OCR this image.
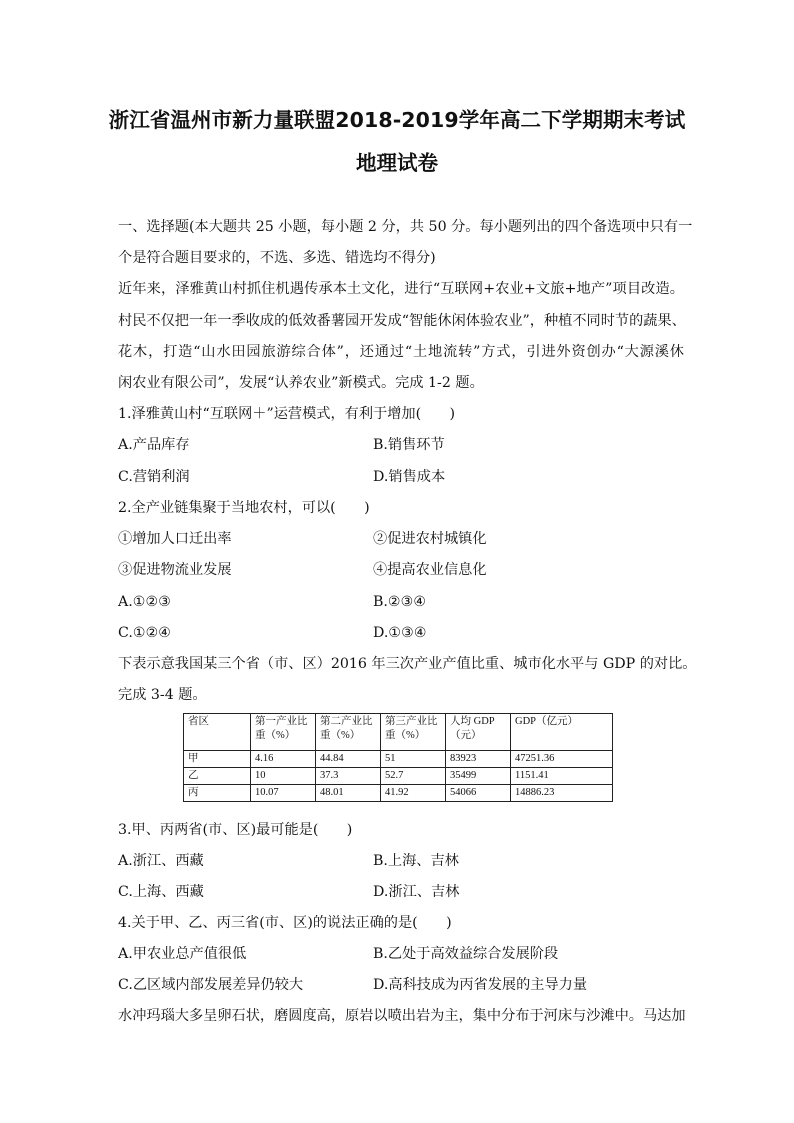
浙江省温州市新力量联盟2018-2019学年高二下学期期末考试
地理试卷
一、选择题(本大题共 25 小题，每小题 2 分，共 50 分。每小题列出的四个备选项中只有一
个是符合题目要求的，不选、多选、错选均不得分)
近年来，泽雅黄山村抓住机遇传承本土文化，进行“互联网+农业+文旅+地产”项目改造。
村民不仅把一年一季收成的低效番薯园开发成“智能休闲体验农业”，种植不同时节的蔬果、
花木，打造“山水田园旅游综合体”，还通过“土地流转”方式，引进外资创办“大源溪休
闲农业有限公司”，发展“认养农业”新模式。完成 1-2 题。
1.泽雅黄山村“互联网＋”运营模式，有利于增加(　　)
A.产品库存	B.销售环节
C.营销利润	D.销售成本
2.全产业链集聚于当地农村，可以(　　)
①增加人口迁出率	②促进农村城镇化
③促进物流业发展	④提高农业信息化
A.①②③	B.②③④
C.①②④	D.①③④
下表示意我国某三个省（市、区）2016 年三次产业产值比重、城市化水平与 GDP 的对比。
完成 3-4 题。
省区	第一产业比重（%）	第二产业比重（%）	第三产业比重（%）	人均 GDP（元）	GDP（亿元）
甲	4.16	44.84	51	83923	47251.36
乙	10	37.3	52.7	35499	1151.41
丙	10.07	48.01	41.92	54066	14886.23
3.甲、丙两省(市、区)最可能是(　　)
A.浙江、西藏	B.上海、吉林
C.上海、西藏	D.浙江、吉林
4.关于甲、乙、丙三省(市、区)的说法正确的是(　　)
A.甲农业总产值很低	B.乙处于高效益综合发展阶段
C.乙区域内部发展差异仍较大	D.高科技成为丙省发展的主导力量
水冲玛瑙大多呈卵石状，磨圆度高，原岩以喷出岩为主，集中分布于河床与沙滩中。马达加
